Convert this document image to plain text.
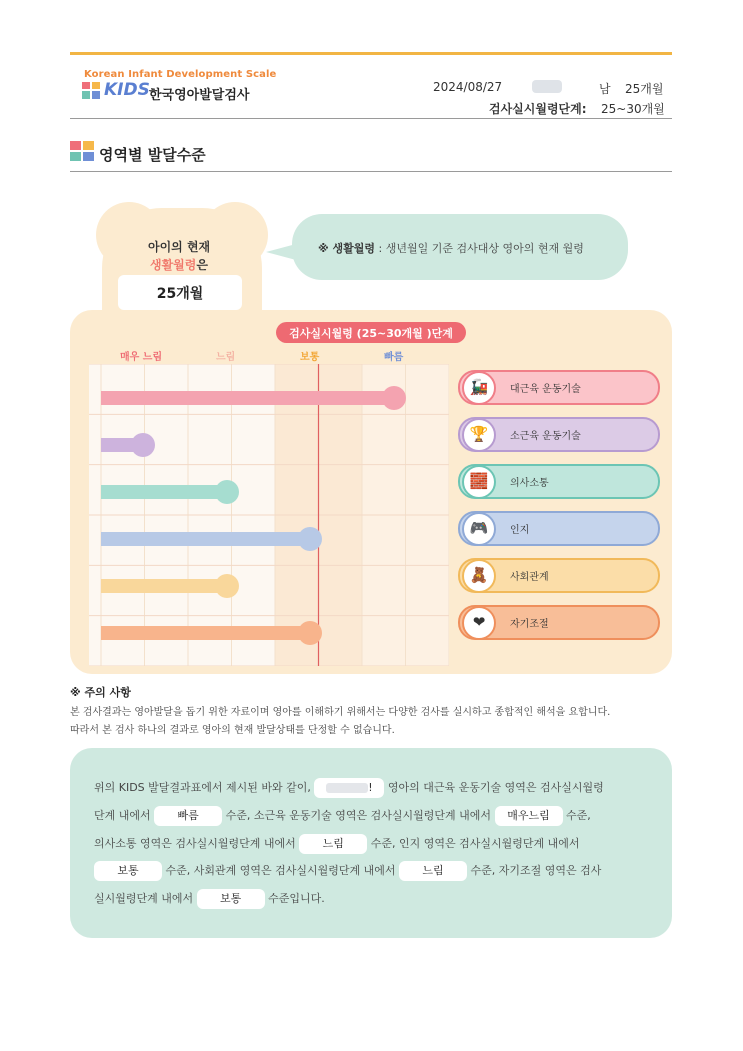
Korean Infant Development Scale
KIDS 한국영아발달검사
2024/08/27	남 25개월
검사실시월령단계: 25~30개월
영역별 발달수준
아이의 현재
생활월령은
25개월
※ 생활월령 : 생년월일 기준 검사대상 영아의 현재 월령
검사실시월령 (25~30개월 )단계
매우 느림	느림	보통	빠름
🚂	대근육 운동기술
🏆	소근육 운동기술
🧱	의사소통
🎮	인지
🧸	사회관계
❤	자기조절
※ 주의 사항
본 검사결과는 영아발달을 돕기 위한 자료이며 영아를 이해하기 위해서는 다양한 검사를 실시하고 종합적인 해석을 요합니다.
따라서 본 검사 하나의 결과로 영아의 현재 발달상태를 단정할 수 없습니다.
위의 KIDS 발달결과표에서 제시된 바와 같이,	! 영아의 대근육 운동기술 영역은 검사실시월령
단계 내에서 빠름 수준, 소근육 운동기술 영역은 검사실시월령단계 내에서 매우느림 수준,
의사소통 영역은 검사실시월령단계 내에서 느림 수준, 인지 영역은 검사실시월령단계 내에서
보통 수준, 사회관계 영역은 검사실시월령단계 내에서 느림 수준, 자기조절 영역은 검사
실시월령단계 내에서 보통 수준입니다.
